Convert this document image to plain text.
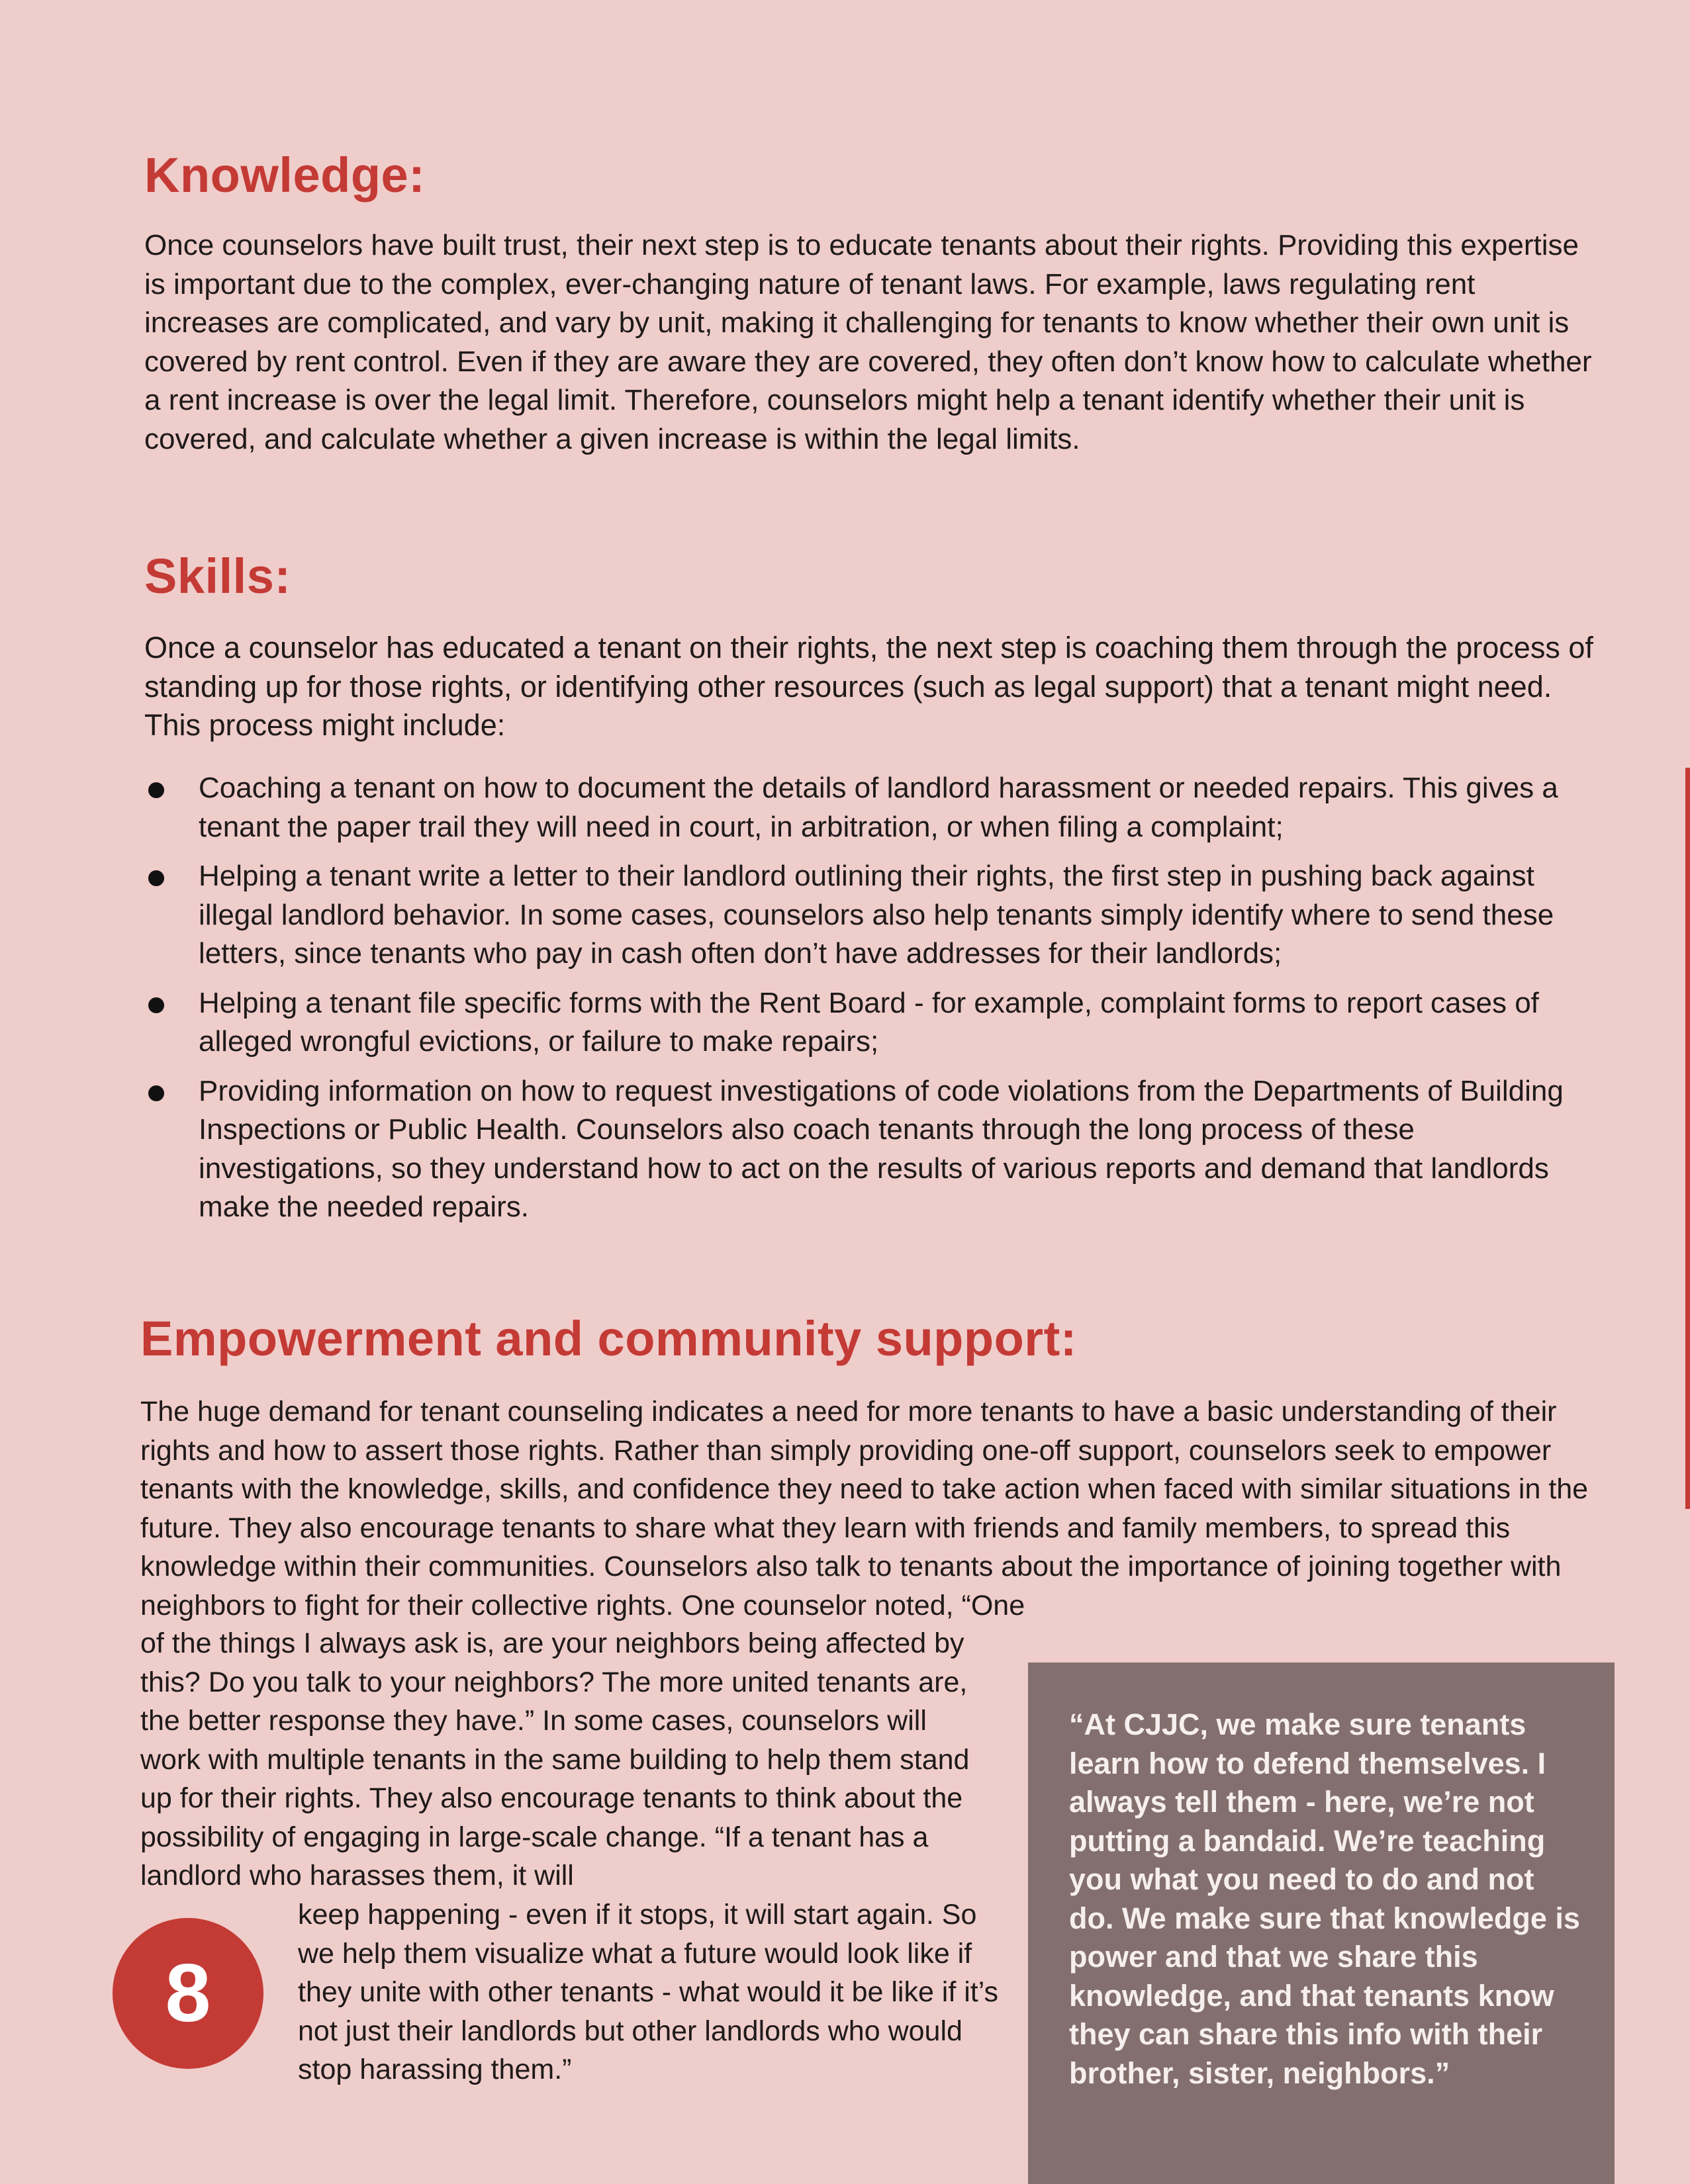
Knowledge:

Once counselors have built trust, their next step is to educate tenants about their rights. Providing this expertise is important due to the complex, ever-changing nature of tenant laws. For example, laws regulating rent increases are complicated, and vary by unit, making it challenging for tenants to know whether their own unit is covered by rent control. Even if they are aware they are covered, they often don’t know how to calculate whether a rent increase is over the legal limit. Therefore, counselors might help a tenant identify whether their unit is covered, and calculate whether a given increase is within the legal limits.

Skills:

Once a counselor has educated a tenant on their rights, the next step is coaching them through the process of standing up for those rights, or identifying other resources (such as legal support) that a tenant might need. This process might include:

Coaching a tenant on how to document the details of landlord harassment or needed repairs. This gives a tenant the paper trail they will need in court, in arbitration, or when filing a complaint;
Helping a tenant write a letter to their landlord outlining their rights, the first step in pushing back against illegal landlord behavior. In some cases, counselors also help tenants simply identify where to send these letters, since tenants who pay in cash often don’t have addresses for their landlords;
Helping a tenant file specific forms with the Rent Board - for example, complaint forms to report cases of alleged wrongful evictions, or failure to make repairs;
Providing information on how to request investigations of code violations from the Departments of Building Inspections or Public Health. Counselors also coach tenants through the long process of these investigations, so they understand how to act on the results of various reports and demand that landlords make the needed repairs.
Empowerment and community support:

The huge demand for tenant counseling indicates a need for more tenants to have a basic understanding of their rights and how to assert those rights. Rather than simply providing one-off support, counselors seek to empower tenants with the knowledge, skills, and confidence they need to take action when faced with similar situations in the future. They also encourage tenants to share what they learn with friends and family members, to spread this knowledge within their communities. Counselors also talk to tenants about the importance of joining together with neighbors to fight for their collective rights. One counselor noted, “One

of the things I always ask is, are your neighbors being affected by this? Do you talk to your neighbors? The more united tenants are, the better response they have.” In some cases, counselors will work with multiple tenants in the same building to help them stand up for their rights. They also encourage tenants to think about the possibility of engaging in large-scale change. “If a tenant has a landlord who harasses them, it will

keep happening - even if it stops, it will start again. So we help them visualize what a future would look like if they unite with other tenants - what would it be like if it’s not just their landlords but other landlords who would stop harassing them.”

“At CJJC, we make sure tenants learn how to defend themselves. I always tell them - here, we’re not putting a bandaid. We’re teaching you what you need to do and not do. We make sure that knowledge is power and that we share this knowledge, and that tenants know they can share this info with their brother, sister, neighbors.”

8
